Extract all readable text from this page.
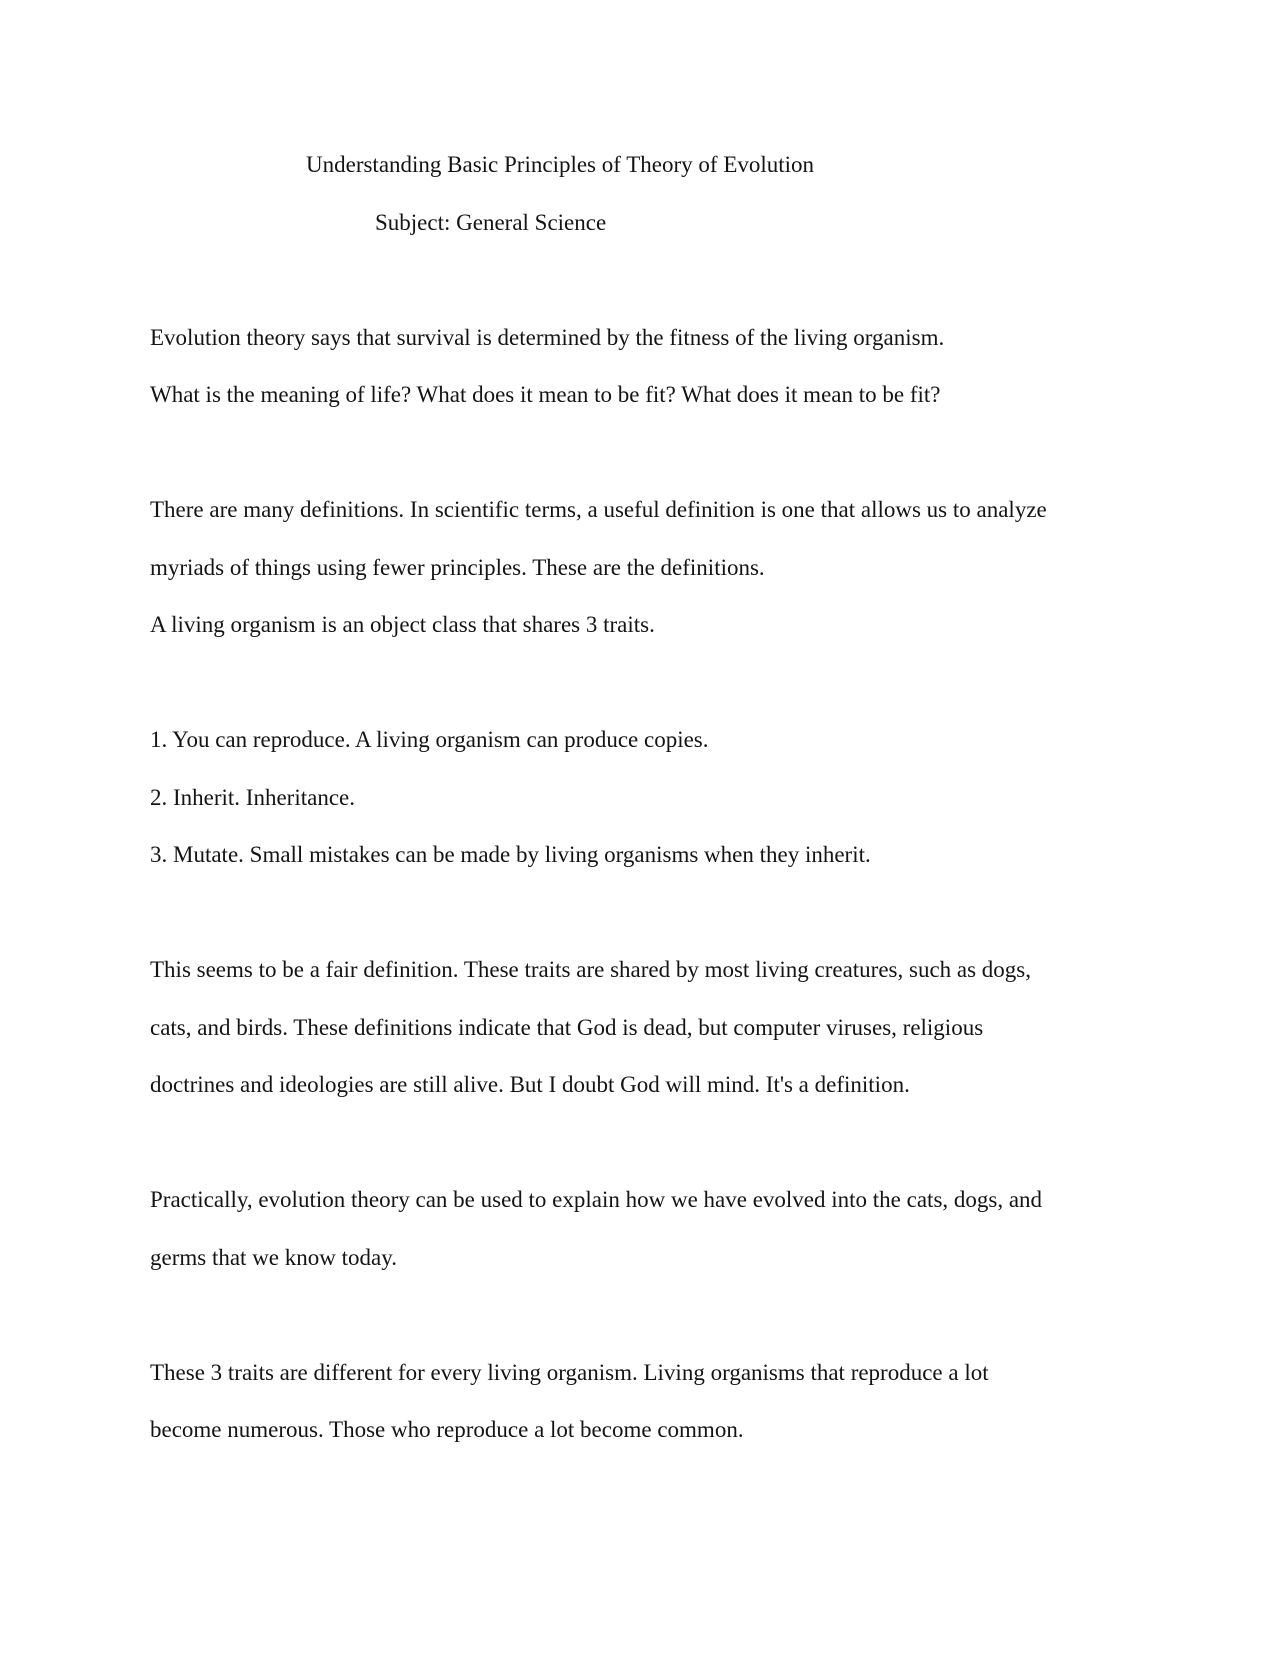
Understanding Basic Principles of Theory of Evolution
Subject: General Science
Evolution theory says that survival is determined by the fitness of the living organism.
What is the meaning of life? What does it mean to be fit? What does it mean to be fit?
There are many definitions. In scientific terms, a useful definition is one that allows us to analyze
myriads of things using fewer principles. These are the definitions.
A living organism is an object class that shares 3 traits.
1. You can reproduce. A living organism can produce copies.
2. Inherit. Inheritance.
3. Mutate. Small mistakes can be made by living organisms when they inherit.
This seems to be a fair definition. These traits are shared by most living creatures, such as dogs,
cats, and birds. These definitions indicate that God is dead, but computer viruses, religious
doctrines and ideologies are still alive. But I doubt God will mind. It's a definition.
Practically, evolution theory can be used to explain how we have evolved into the cats, dogs, and
germs that we know today.
These 3 traits are different for every living organism. Living organisms that reproduce a lot
become numerous. Those who reproduce a lot become common.
